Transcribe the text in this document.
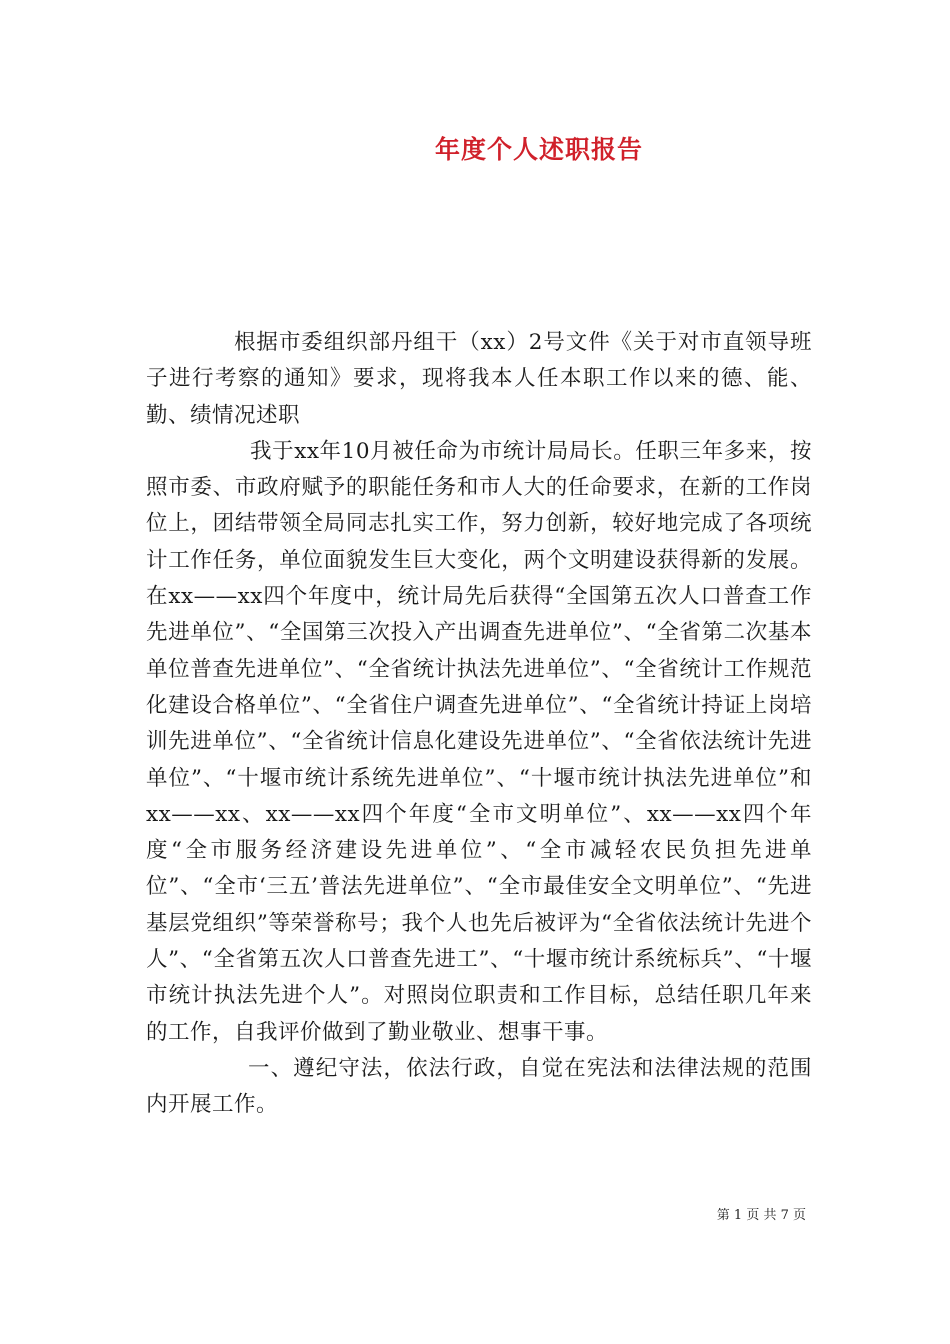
年度个人述职报告

根据市委组织部丹组干（xx）2号文件《关于对市直领导班子进行考察的通知》要求，现将我本人任本职工作以来的德、能、勤、绩情况述职

我于xx年10月被任命为市统计局局长。任职三年多来，按照市委、市政府赋予的职能任务和市人大的任命要求，在新的工作岗位上，团结带领全局同志扎实工作，努力创新，较好地完成了各项统计工作任务，单位面貌发生巨大变化，两个文明建设获得新的发展。在xx——xx四个年度中，统计局先后获得“全国第五次人口普查工作先进单位”、“全国第三次投入产出调查先进单位”、“全省第二次基本单位普查先进单位”、“全省统计执法先进单位”、“全省统计工作规范化建设合格单位”、“全省住户调查先进单位”、“全省统计持证上岗培训先进单位”、“全省统计信息化建设先进单位”、“全省依法统计先进单位”、“十堰市统计系统先进单位”、“十堰市统计执法先进单位”和xx——xx、xx——xx四个年度“全市文明单位”、xx——xx四个年度“全市服务经济建设先进单位”、“全市减轻农民负担先进单位”、“全市‘三五’普法先进单位”、“全市最佳安全文明单位”、“先进基层党组织”等荣誉称号；我个人也先后被评为“全省依法统计先进个人”、“全省第五次人口普查先进工”、“十堰市统计系统标兵”、“十堰市统计执法先进个人”。对照岗位职责和工作目标，总结任职几年来的工作，自我评价做到了勤业敬业、想事干事。

一、遵纪守法，依法行政，自觉在宪法和法律法规的范围内开展工作。

第 1 页 共 7 页
